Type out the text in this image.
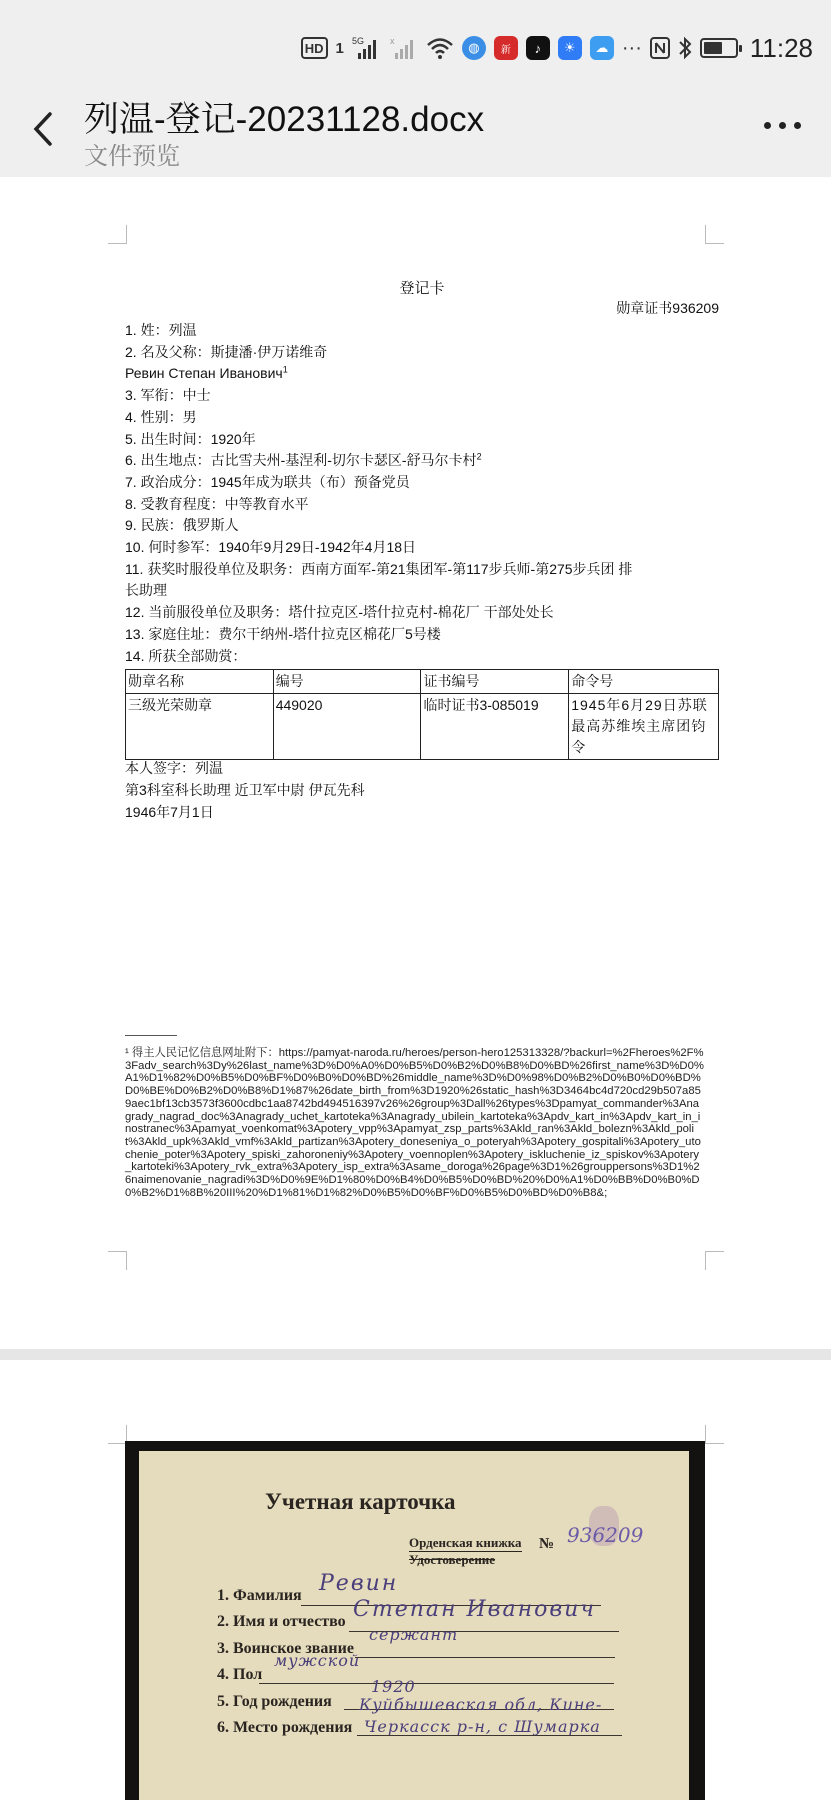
HD 1 5G	x	◍	新	♪	☀	☁ ···	11:28
列温-登记-20231128.docx
文件预览
登记卡
勋章证书936209
1. 姓：列温
2. 名及父称：斯捷潘·伊万诺维奇
Ревин Степан Иванович$^1$
3. 军衔：中士
4. 性别：男
5. 出生时间：1920年
6. 出生地点：古比雪夫州-基涅利-切尔卡瑟区-舒马尔卡村$^2$
7. 政治成分：1945年成为联共（布）预备党员
8. 受教育程度：中等教育水平
9. 民族：俄罗斯人
10. 何时参军：1940年9月29日-1942年4月18日
11. 获奖时服役单位及职务：西南方面军-第21集团军-第117步兵师-第275步兵团 排
长助理
12. 当前服役单位及职务：塔什拉克区-塔什拉克村-棉花厂 干部处处长
13. 家庭住址：费尔干纳州-塔什拉克区棉花厂5号楼
14. 所获全部勋赏：
勋章名称	编号	证书编号	命令号
三级光荣勋章	449020	临时证书3-085019	1945年6月29日苏联最高苏维埃主席团钧令
本人签字：列温
第3科室科长助理 近卫军中尉 伊瓦先科
1946年7月1日
¹ 得主人民记忆信息网址附下：https://pamyat-naroda.ru/heroes/person-hero125313328/?backurl=%2Fheroes%2F%3Fadv_search%3Dy%26last_name%3D%D0%A0%D0%B5%D0%B2%D0%B8%D0%BD%26first_name%3D%D0%A1%D1%82%D0%B5%D0%BF%D0%B0%D0%BD%26middle_name%3D%D0%98%D0%B2%D0%B0%D0%BD%D0%BE%D0%B2%D0%B8%D1%87%26date_birth_from%3D1920%26static_hash%3D3464bc4d720cd29b507a859aec1bf13cb3573f3600cdbc1aa8742bd494516397v26%26group%3Dall%26types%3Dpamyat_commander%3Anagrady_nagrad_doc%3Anagrady_uchet_kartoteka%3Anagrady_ubilein_kartoteka%3Apdv_kart_in%3Apdv_kart_in_inostranec%3Apamyat_voenkomat%3Apotery_vpp%3Apamyat_zsp_parts%3Akld_ran%3Akld_bolezn%3Akld_polit%3Akld_upk%3Akld_vmf%3Akld_partizan%3Apotery_doneseniya_o_poteryah%3Apotery_gospitali%3Apotery_utochenie_poter%3Apotery_spiski_zahoroneniy%3Apotery_voennoplen%3Apotery_iskluchenie_iz_spiskov%3Apotery_kartoteki%3Apotery_rvk_extra%3Apotery_isp_extra%3Asame_doroga%26page%3D1%26grouppersons%3D1%26naimenovanie_nagradi%3D%D0%9E%D1%80%D0%B4%D0%B5%D0%BD%20%D0%A1%D0%BB%D0%B0%D0%B2%D1%8B%20III%20%D1%81%D1%82%D0%B5%D0%BF%D0%B5%D0%BD%D0%B8&;
Учетная карточка
Орденская книжка
Удостоверение
№ 936209
1. Фамилия Ревин
2. Имя и отчество Степан Иванович
3. Воинское звание
сержант
4. Пол
мужской
5. Год рождения
1920
6. Место рождения
Куйбышевская обл, Кине-
Черкасск р-н, с Шумарка
